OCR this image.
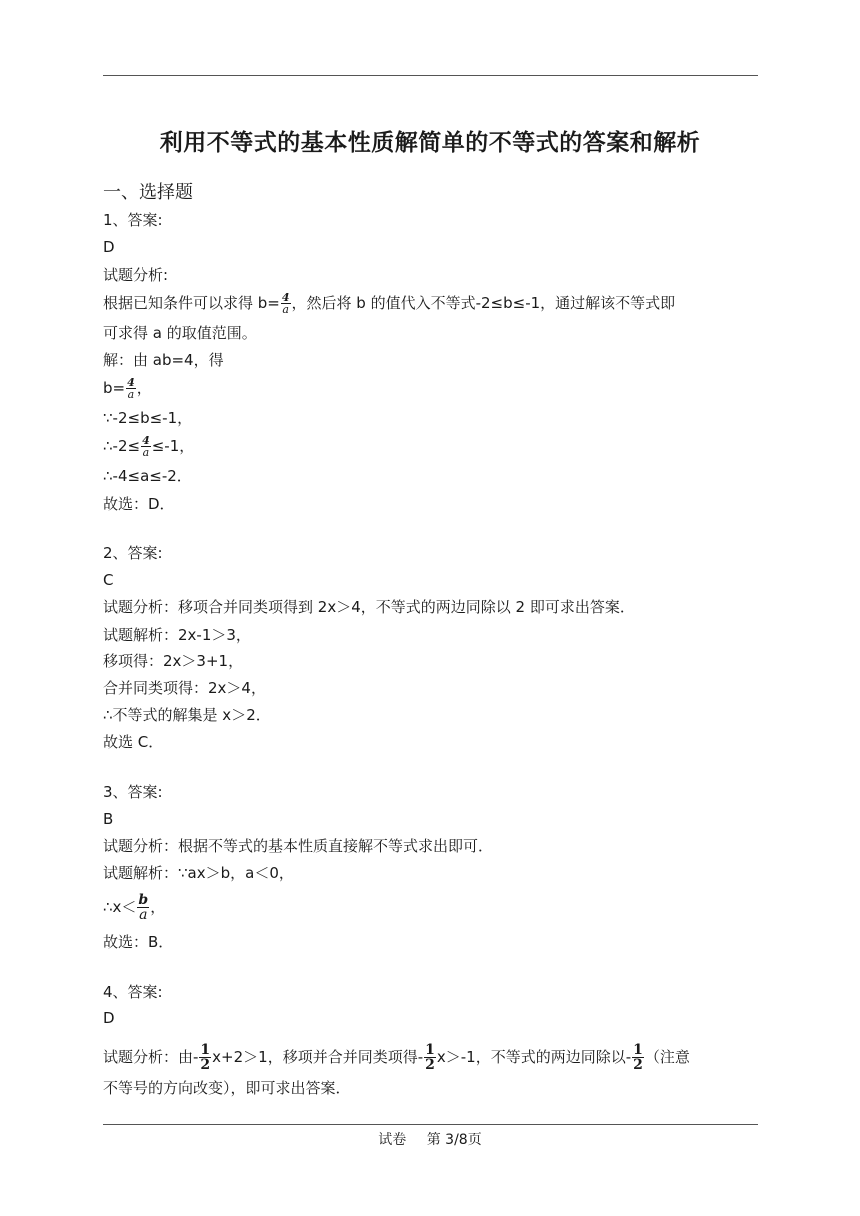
利用不等式的基本性质解简单的不等式的答案和解析
一、选择题
1、答案:
D
试题分析:
根据已知条件可以求得 $b= \frac{4}{a}$ ，然后将 b 的值代入不等式-2≤b≤-1，通过解该不等式即
可求得 a 的取值范围。
解：由 ab=4，得
$b= \frac{4}{a}$ ，
∵-2≤b≤-1，
∴-2≤ $\frac{4}{a} \le-1$，
∴-4≤a≤-2．
故选：D．
2、答案:
C
试题分析：移项合并同类项得到 2x＞4，不等式的两边同除以 2 即可求出答案．
试题解析：2x-1＞3，
移项得：2x＞3+1，
合并同类项得：2x＞4，
∴不等式的解集是 x＞2．
故选 C．
3、答案:
B
试题分析：根据不等式的基本性质直接解不等式求出即可．
试题解析：∵ax＞b，a＜0，
∴x＜ $\frac{b}{a}$ ，
故选：B．
4、答案:
D
试题分析：由- $\frac{1}{2} x+2>1$，移项并合并同类项得- $\frac{1}{2} x>-1$，不等式的两边同除以- $\frac{1}{2}$ （注意
不等号的方向改变），即可求出答案．
试卷 第 3/8页
